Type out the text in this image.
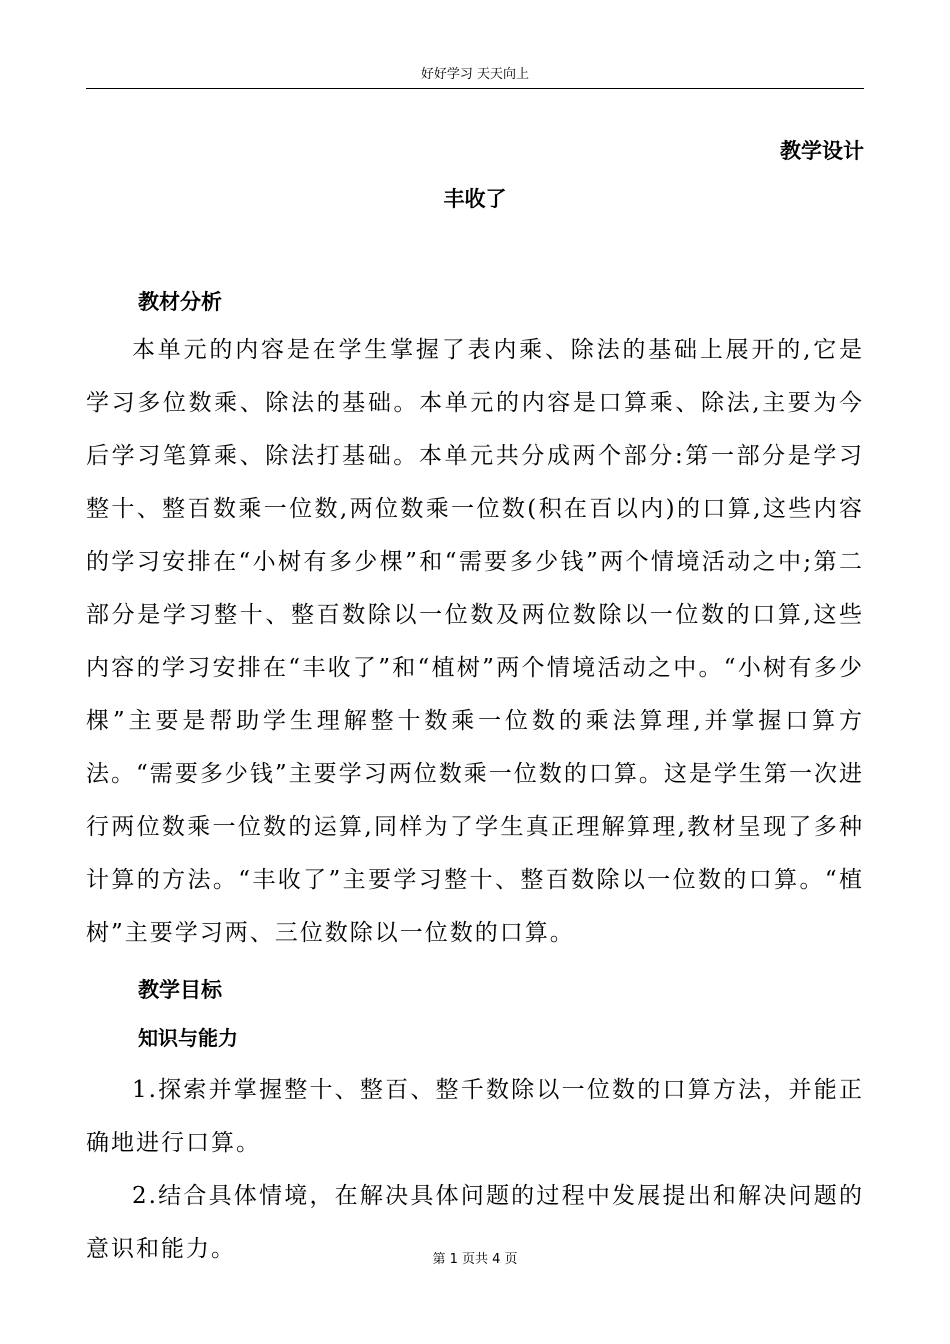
好好学习 天天向上
教学设计
丰收了
教材分析

本单元的内容是在学生掌握了表内乘、除法的基础上展开的,它是学习多位数乘、除法的基础。本单元的内容是口算乘、除法,主要为今后学习笔算乘、除法打基础。本单元共分成两个部分:第一部分是学习整十、整百数乘一位数,两位数乘一位数(积在百以内)的口算,这些内容的学习安排在“小树有多少棵”和“需要多少钱”两个情境活动之中;第二部分是学习整十、整百数除以一位数及两位数除以一位数的口算,这些内容的学习安排在“丰收了”和“植树”两个情境活动之中。“小树有多少棵”主要是帮助学生理解整十数乘一位数的乘法算理,并掌握口算方法。“需要多少钱”主要学习两位数乘一位数的口算。这是学生第一次进行两位数乘一位数的运算,同样为了学生真正理解算理,教材呈现了多种计算的方法。“丰收了”主要学习整十、整百数除以一位数的口算。“植树”主要学习两、三位数除以一位数的口算。

教学目标
知识与能力

1.探索并掌握整十、整百、整千数除以一位数的口算方法，并能正确地进行口算。

2.结合具体情境，在解决具体问题的过程中发展提出和解决问题的意识和能力。	第 1 页共 4 页
